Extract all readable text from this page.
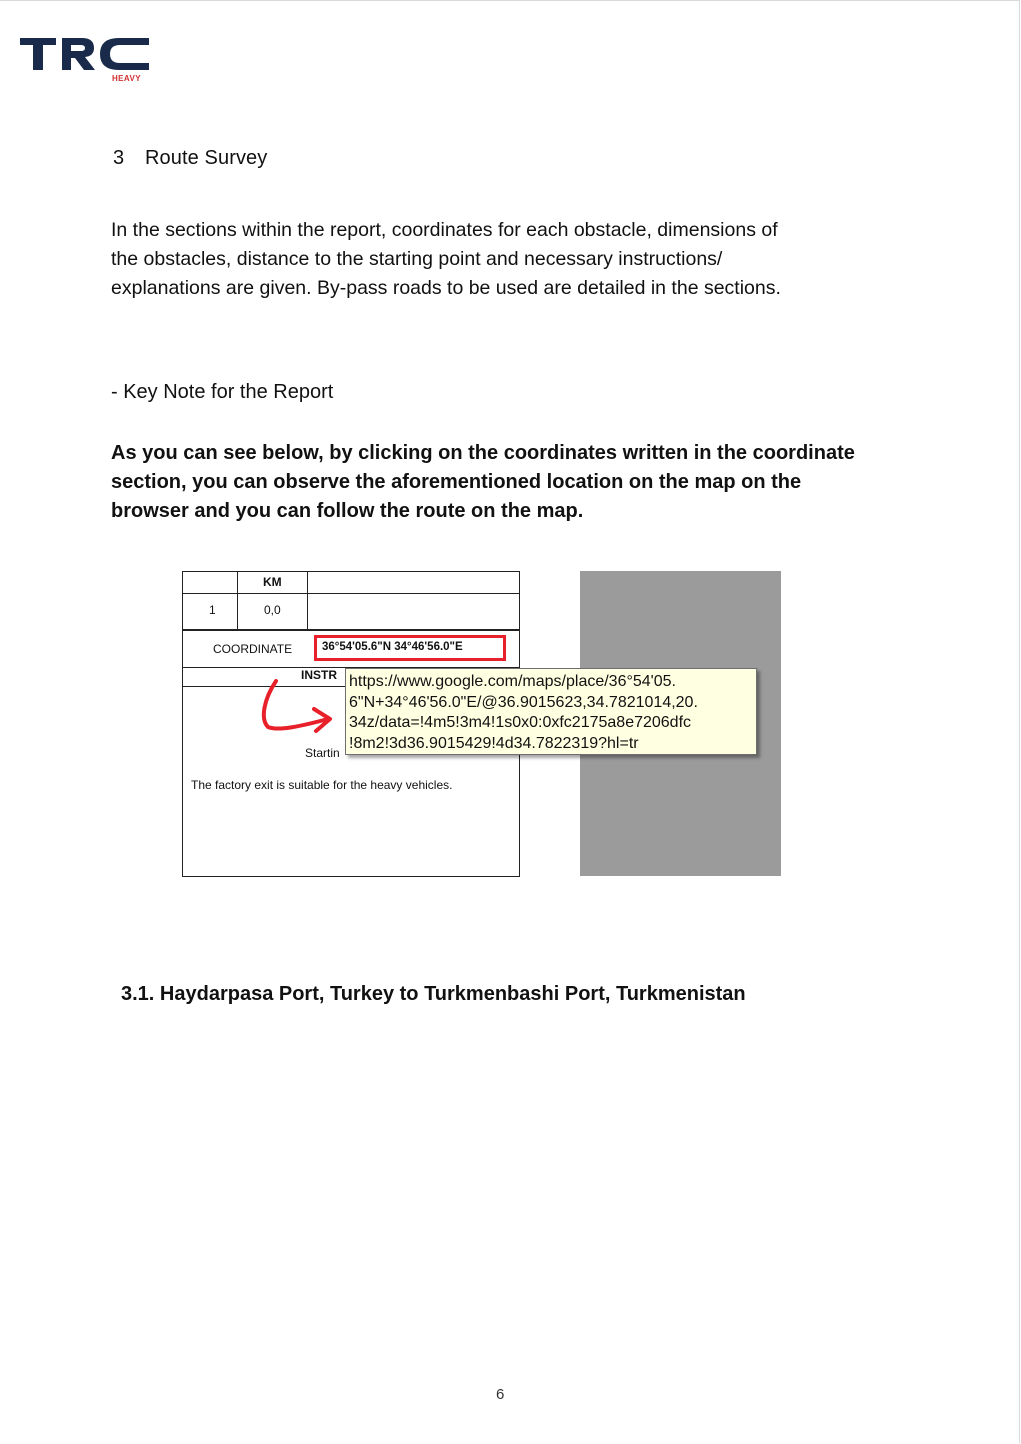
HEAVY
3 Route Survey
In the sections within the report, coordinates for each obstacle, dimensions of
the obstacles, distance to the starting point and necessary instructions/
explanations are given. By-pass roads to be used are detailed in the sections.
- Key Note for the Report
As you can see below, by clicking on the coordinates written in the coordinate
section, you can observe the aforementioned location on the map on the
browser and you can follow the route on the map.
KM
1	0,0
COORDINATE
INSTR
Startin
The factory exit is suitable for the heavy vehicles.
36°54'05.6"N 34°46'56.0"E
https://www.google.com/maps/place/36°54'05.
6"N+34°46'56.0"E/@36.9015623,34.7821014,20.
34z/data=!4m5!3m4!1s0x0:0xfc2175a8e7206dfc
!8m2!3d36.9015429!4d34.7822319?hl=tr
3.1. Haydarpasa Port, Turkey to Turkmenbashi Port, Turkmenistan
6
